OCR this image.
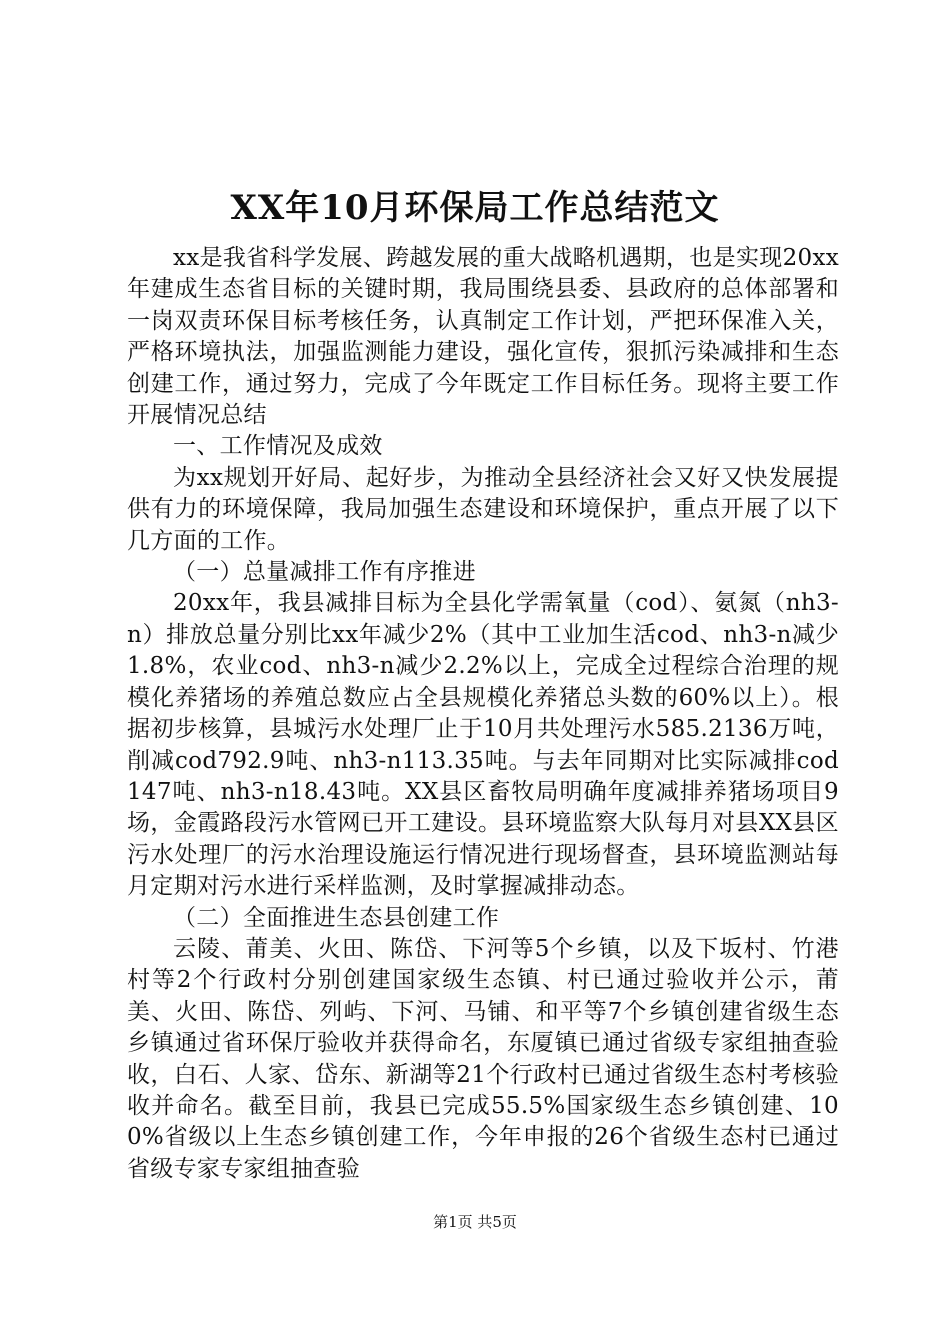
XX年10月环保局工作总结范文

xx是我省科学发展、跨越发展的重大战略机遇期，也是实现20xx年建成生态省目标的关键时期，我局围绕县委、县政府的总体部署和一岗双责环保目标考核任务，认真制定工作计划，严把环保准入关，严格环境执法，加强监测能力建设，强化宣传，狠抓污染减排和生态创建工作，通过努力，完成了今年既定工作目标任务。现将主要工作开展情况总结

一、工作情况及成效

为xx规划开好局、起好步，为推动全县经济社会又好又快发展提供有力的环境保障，我局加强生态建设和环境保护，重点开展了以下几方面的工作。

（一）总量减排工作有序推进

20xx年，我县减排目标为全县化学需氧量（cod）、氨氮（nh3-n）排放总量分别比xx年减少2%（其中工业加生活cod、nh3-n减少1.8%，农业cod、nh3-n减少2.2%以上，完成全过程综合治理的规模化养猪场的养殖总数应占全县规模化养猪总头数的60%以上）。根据初步核算，县城污水处理厂止于10月共处理污水585.2136万吨，削减cod792.9吨、nh3-n113.35吨。与去年同期对比实际减排cod147吨、nh3-n18.43吨。XX县区畜牧局明确年度减排养猪场项目9场，金霞路段污水管网已开工建设。县环境监察大队每月对县XX县区污水处理厂的污水治理设施运行情况进行现场督查，县环境监测站每月定期对污水进行采样监测，及时掌握减排动态。

（二）全面推进生态县创建工作

云陵、莆美、火田、陈岱、下河等5个乡镇，以及下坂村、竹港村等2个行政村分别创建国家级生态镇、村已通过验收并公示，莆美、火田、陈岱、列屿、下河、马铺、和平等7个乡镇创建省级生态乡镇通过省环保厅验收并获得命名，东厦镇已通过省级专家组抽查验收，白石、人家、岱东、新湖等21个行政村已通过省级生态村考核验收并命名。截至目前，我县已完成55.5%国家级生态乡镇创建、100%省级以上生态乡镇创建工作，今年申报的26个省级生态村已通过省级专家专家组抽查验

第1页 共5页
